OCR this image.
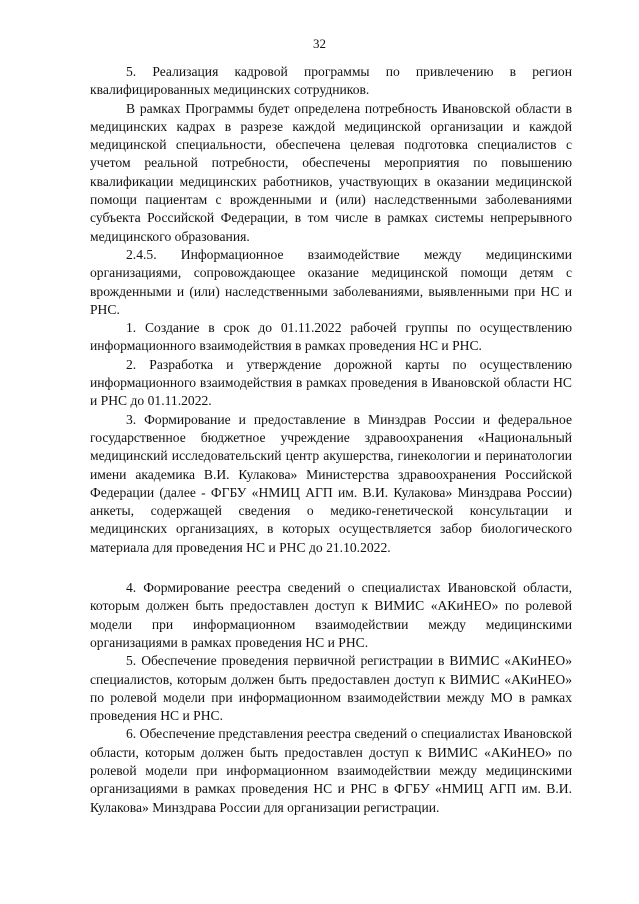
32

5. Реализация кадровой программы по привлечению в регион квалифицированных медицинских сотрудников.

В рамках Программы будет определена потребность Ивановской области в медицинских кадрах в разрезе каждой медицинской организации и каждой медицинской специальности, обеспечена целевая подготовка специалистов с учетом реальной потребности, обеспечены мероприятия по повышению квалификации медицинских работников, участвующих в оказании медицинской помощи пациентам с врожденными и (или) наследственными заболеваниями субъекта Российской Федерации, в том числе в рамках системы непрерывного медицинского образования.

2.4.5. Информационное взаимодействие между медицинскими организациями, сопровождающее оказание медицинской помощи детям с врожденными и (или) наследственными заболеваниями, выявленными при НС и РНС.

1. Создание в срок до 01.11.2022 рабочей группы по осуществлению информационного взаимодействия в рамках проведения НС и РНС.

2. Разработка и утверждение дорожной карты по осуществлению информационного взаимодействия в рамках проведения в Ивановской области НС и РНС до 01.11.2022.

3. Формирование и предоставление в Минздрав России и федеральное государственное бюджетное учреждение здравоохранения «Национальный медицинский исследовательский центр акушерства, гинекологии и перинатологии имени академика В.И. Кулакова» Министерства здравоохранения Российской Федерации (далее - ФГБУ «НМИЦ АГП им. В.И. Кулакова» Минздрава России) анкеты, содержащей сведения о медико-генетической консультации и медицинских организациях, в которых осуществляется забор биологического материала для проведения НС и РНС до 21.10.2022.

4. Формирование реестра сведений о специалистах Ивановской области, которым должен быть предоставлен доступ к ВИМИС «АКиНЕО» по ролевой модели при информационном взаимодействии между медицинскими организациями в рамках проведения НС и РНС.

5. Обеспечение проведения первичной регистрации в ВИМИС «АКиНЕО» специалистов, которым должен быть предоставлен доступ к ВИМИС «АКиНЕО» по ролевой модели при информационном взаимодействии между МО в рамках проведения НС и РНС.

6. Обеспечение представления реестра сведений о специалистах Ивановской области, которым должен быть предоставлен доступ к ВИМИС «АКиНЕО» по ролевой модели при информационном взаимодействии между медицинскими организациями в рамках проведения НС и РНС в ФГБУ «НМИЦ АГП им. В.И. Кулакова» Минздрава России для организации регистрации.
